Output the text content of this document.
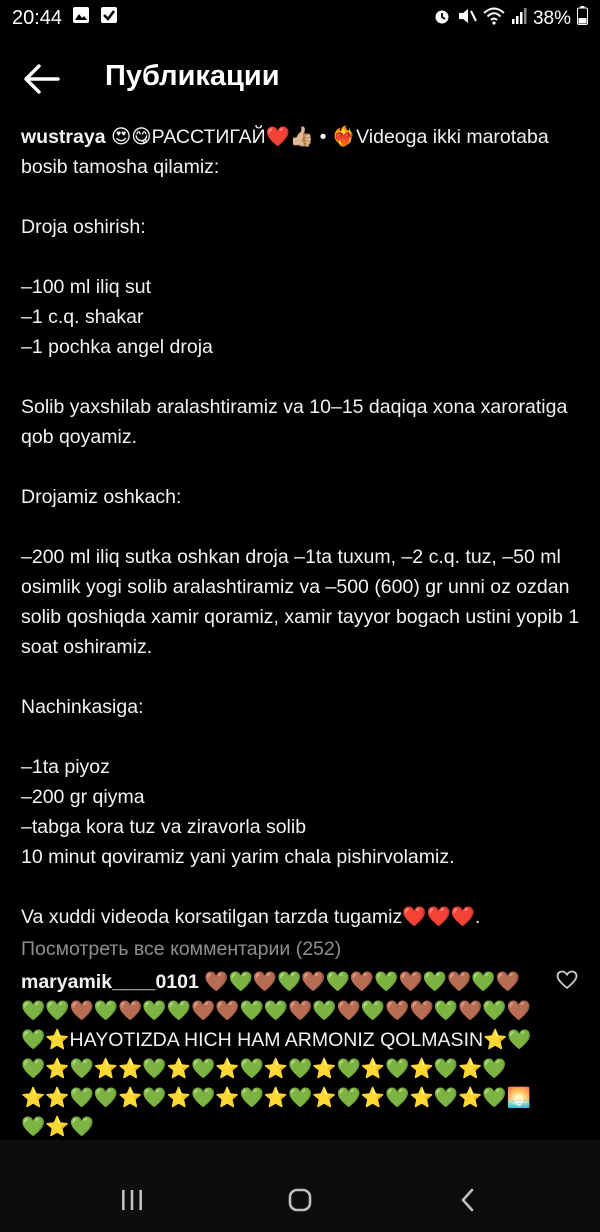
20:44	38%
Публикации

wustraya 😍😋РАССТИГАЙ❤️👍🏼 • ❤️‍🔥Videoga ikki marotaba bosib tamosha qilamiz:

Droja oshirish:

–100 ml iliq sut

–1 c.q. shakar

–1 pochka angel droja

Solib yaxshilab aralashtiramiz va 10–15 daqiqa xona xaroratiga qob qoyamiz.

Drojamiz oshkach:

–200 ml iliq sutka oshkan droja –1ta tuxum, –2 c.q. tuz, –50 ml osimlik yogi solib aralashtiramiz va –500 (600) gr unni oz ozdan solib qoshiqda xamir qoramiz, xamir tayyor bogach ustini yopib 1 soat oshiramiz.

Nachinkasiga:

–1ta piyoz

–200 gr qiyma

–tabga kora tuz va ziravorla solib

10 minut qoviramiz yani yarim chala pishirvolamiz.

Va xuddi videoda korsatilgan tarzda tugamiz❤️❤️❤️.

Посмотреть все комментарии (252)
maryamik____0101 🤎💚🤎💚🤎💚🤎💚🤎💚🤎💚🤎💚💚🤎💚🤎💚💚🤎🤎💚💚🤎💚🤎💚🤎🤎💚🤎💚🤎💚⭐HAYOTIZDA HICH HAM ARMONIZ QOLMASIN⭐💚💚⭐💚⭐⭐💚⭐💚⭐💚⭐💚⭐💚⭐💚⭐💚⭐💚⭐⭐💚💚⭐💚⭐💚⭐💚⭐💚⭐💚⭐💚⭐💚⭐💚🌅💚⭐💚
